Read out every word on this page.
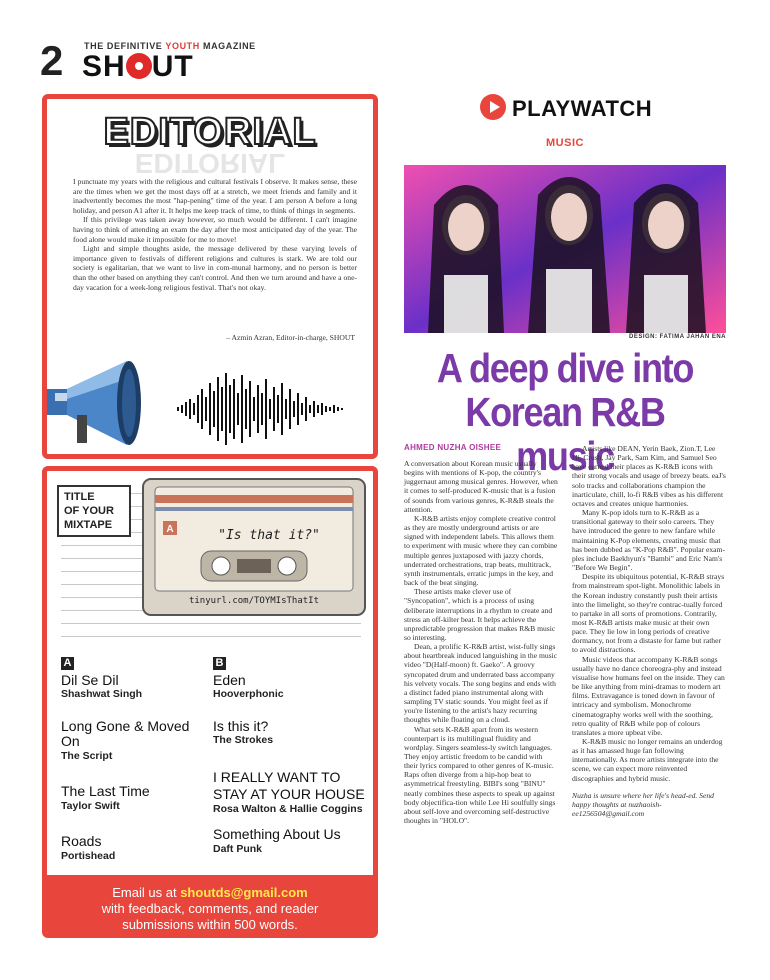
2 THE DEFINITIVE YOUTH MAGAZINE
SH UT
EDITORIAL
EDITORIAL

I punctuate my years with the religious and cultural festivals I observe. It makes sense, these are the times when we get the most days off at a stretch, we meet friends and family and it inadvertently becomes the most "hap-pening" time of the year. I am person A before a long holiday, and person A1 after it. It helps me keep track of time, to think of things in segments.

If this privilege was taken away however, so much would be different. I can't imagine having to think of attending an exam the day after the most anticipated day of the year. The food alone would make it impossible for me to move!

Light and simple thoughts aside, the message delivered by these varying levels of importance given to festivals of different religions and cultures is stark. We are told our society is egalitarian, that we want to live in com-munal harmony, and no person is better than the other based on anything they can't control. And then we turn around and have a one-day vacation for a week-long religious festival. That's not okay.

– Azmin Azran, Editor-in-charge, SHOUT
TITLE
OF YOUR
MIXTAPE	A	"Is that it?"
tinyurl.com/TOYMIsThatIt
A
Dil Se Dil
Shashwat Singh
Long Gone & Moved On
The Script
The Last Time
Taylor Swift
Roads
Portishead
B
Eden
Hooverphonic
Is this it?
The Strokes
I REALLY WANT TO STAY AT YOUR HOUSE
Rosa Walton & Hallie Coggins
Something About Us
Daft Punk
Email us at shoutds@gmail.com
with feedback, comments, and reader
submissions within 500 words.
PLAYWATCH
MUSIC
DESIGN: FATIMA JAHAN ENA
A deep dive into
Korean R&B music
AHMED NUZHA OISHEE

A conversation about Korean music usually begins with mentions of K-pop, the country's juggernaut among musical genres. However, when it comes to self-produced K-music that is a fusion of sounds from various genres, K-R&B steals the attention.

K-R&B artists enjoy complete creative control as they are mostly underground artists or are signed with independent labels. This allows them to experiment with music where they can combine multiple genres juxtaposed with jazzy chords, underrated orchestrations, trap beats, multitrack, synth instrumentals, erratic jumps in the key, and back of the beat singing.

These artists make clever use of "Syncopation", which is a process of using deliberate interruptions in a rhythm to create and stress an off-kilter beat. It helps achieve the unpredictable progression that makes R&B music so interesting.

Dean, a prolific K-R&B artist, wist-fully sings about heartbreak induced languishing in the music video "D(Half-moon) ft. Gaeko". A groovy syncopated drum and underrated bass accompany his velvety vocals. The song begins and ends with a distinct faded piano instrumental along with sampling TV static sounds. You might feel as if you're listening to the artist's hazy recurring thoughts while floating on a cloud.

What sets K-R&B apart from its western counterpart is its multilingual fluidity and wordplay. Singers seamless-ly switch languages. They enjoy artistic freedom to be candid with their lyrics compared to other genres of K-music. Raps often diverge from a hip-hop beat to asymmetrical freestyling. BIBI's song "BINU" neatly combines these aspects to speak up against body objectifica-tion while Lee Hi soulfully sings about self-love and overcoming self-destructive thoughts in "HOLO".

Artists like DEAN, Yerin Baek, Zion.T, Lee Hi, Crush, Jay Park, Sam Kim, and Samuel Seo have earned their places as K-R&B icons with their strong vocals and usage of breezy beats. eaJ's solo tracks and collaborations champion the inarticulate, chill, lo-fi R&B vibes as his different octaves and creates unique harmonies.

Many K-pop idols turn to K-R&B as a transitional gateway to their solo careers. They have introduced the genre to new fanfare while maintaining K-Pop elements, creating music that has been dubbed as "K-Pop R&B". Popular exam-ples include Baekhyun's "Bambi" and Eric Nam's "Before We Begin".

Despite its ubiquitous potential, K-R&B strays from mainstream spot-light. Monolithic labels in the Korean industry constantly push their artists into the limelight, so they're contrac-tually forced to partake in all sorts of promotions. Contrarily, most K-R&B artists make music at their own pace. They lie low in long periods of creative dormancy, not from a distaste for fame but rather to avoid distractions.

Music videos that accompany K-R&B songs usually have no dance choreogra-phy and instead visualise how humans feel on the inside. They can be like anything from mini-dramas to modern art films. Extravagance is toned down in favour of intricacy and symbolism. Monochrome cinematography works well with the soothing, retro quality of R&B while pop of colours translates a more upbeat vibe.

K-R&B music no longer remains an underdog as it has amassed huge fan following internationally. As more artists integrate into the scene, we can expect more reinvented discographies and hybrid music.

Nuzha is unsure where her life's head-ed. Send happy thoughts at nuzhaoish-ee1256504@gmail.com
